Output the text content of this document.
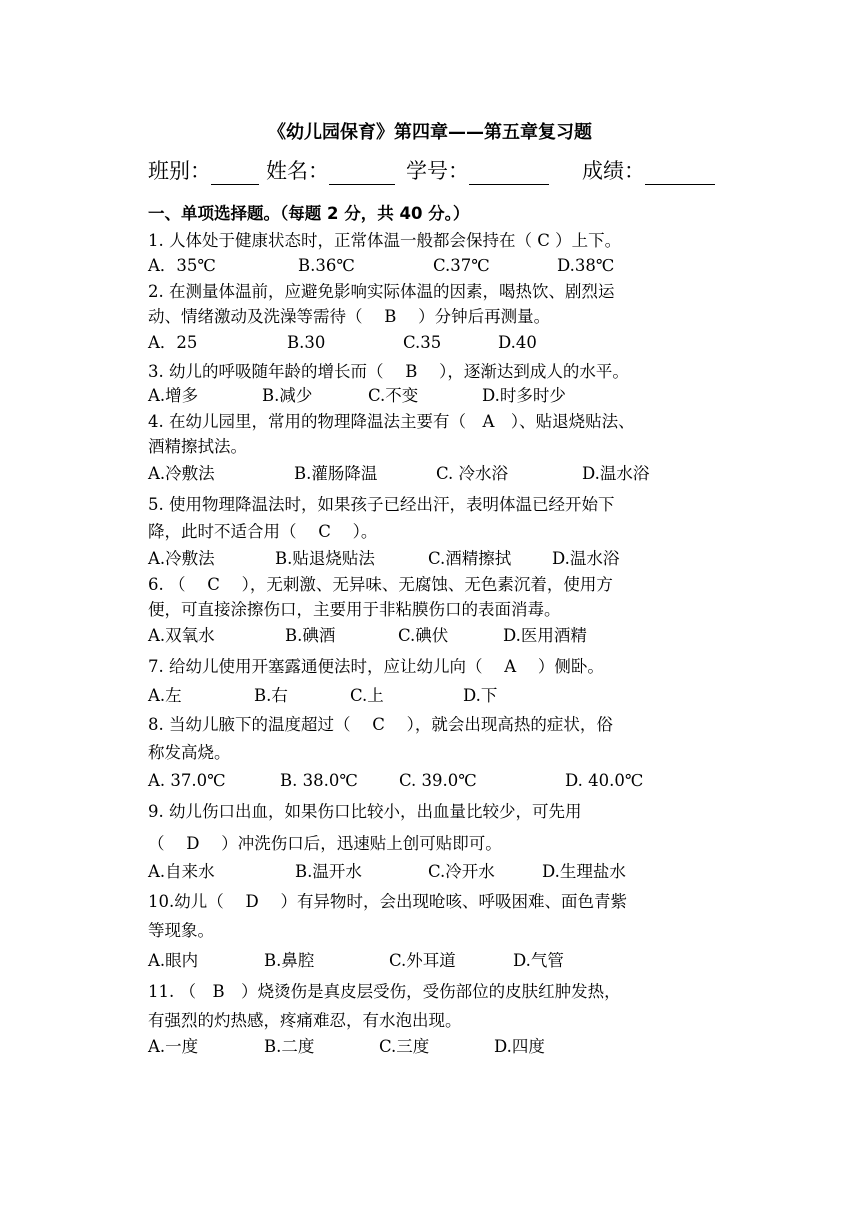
《幼儿园保育》第四章——第五章复习题
班别：	姓名：	学号：	成绩：
一、单项选择题。（每题 2 分，共 40 分。）
1. 人体处于健康状态时，正常体温一般都会保持在（ C ）上下。
A．35℃	B.36℃	C.37℃	D.38℃
2. 在测量体温前，应避免影响实际体温的因素，喝热饮、剧烈运
动、情绪激动及洗澡等需待（　 B 　）分钟后再测量。
A．25	B.30	C.35	D.40
3. 幼儿的呼吸随年龄的增长而（　 B 　），逐渐达到成人的水平。
A.增多	B.减少	C.不变	D.时多时少
4. 在幼儿园里，常用的物理降温法主要有（　A　）、贴退烧贴法、
酒精擦拭法。
A.冷敷法	B.灌肠降温	C. 冷水浴	D.温水浴
5. 使用物理降温法时，如果孩子已经出汗，表明体温已经开始下
降，此时不适合用（　 C 　）。
A.冷敷法	B.贴退烧贴法	C.酒精擦拭 D.温水浴
6. （　 C 　），无刺激、无异味、无腐蚀、无色素沉着，使用方
便，可直接涂擦伤口，主要用于非粘膜伤口的表面消毒。
A.双氧水	B.碘酒	C.碘伏	D.医用酒精
7. 给幼儿使用开塞露通便法时，应让幼儿向（　 A 　）侧卧。
A.左	B.右	C.上	D.下
8. 当幼儿腋下的温度超过（　 C 　），就会出现高热的症状，俗
称发高烧。
A. 37.0℃	B. 38.0℃ C. 39.0℃	D. 40.0℃
9. 幼儿伤口出血，如果伤口比较小，出血量比较少，可先用
（　 D 　）冲洗伤口后，迅速贴上创可贴即可。
A.自来水	B.温开水	C.冷开水	D.生理盐水
10.幼儿（　 D 　）有异物时，会出现呛咳、呼吸困难、面色青紫
等现象。
A.眼内	B.鼻腔	C.外耳道	D.气管
11. （　B　）烧烫伤是真皮层受伤，受伤部位的皮肤红肿发热，
有强烈的灼热感，疼痛难忍，有水泡出现。
A.一度	B.二度	C.三度	D.四度
